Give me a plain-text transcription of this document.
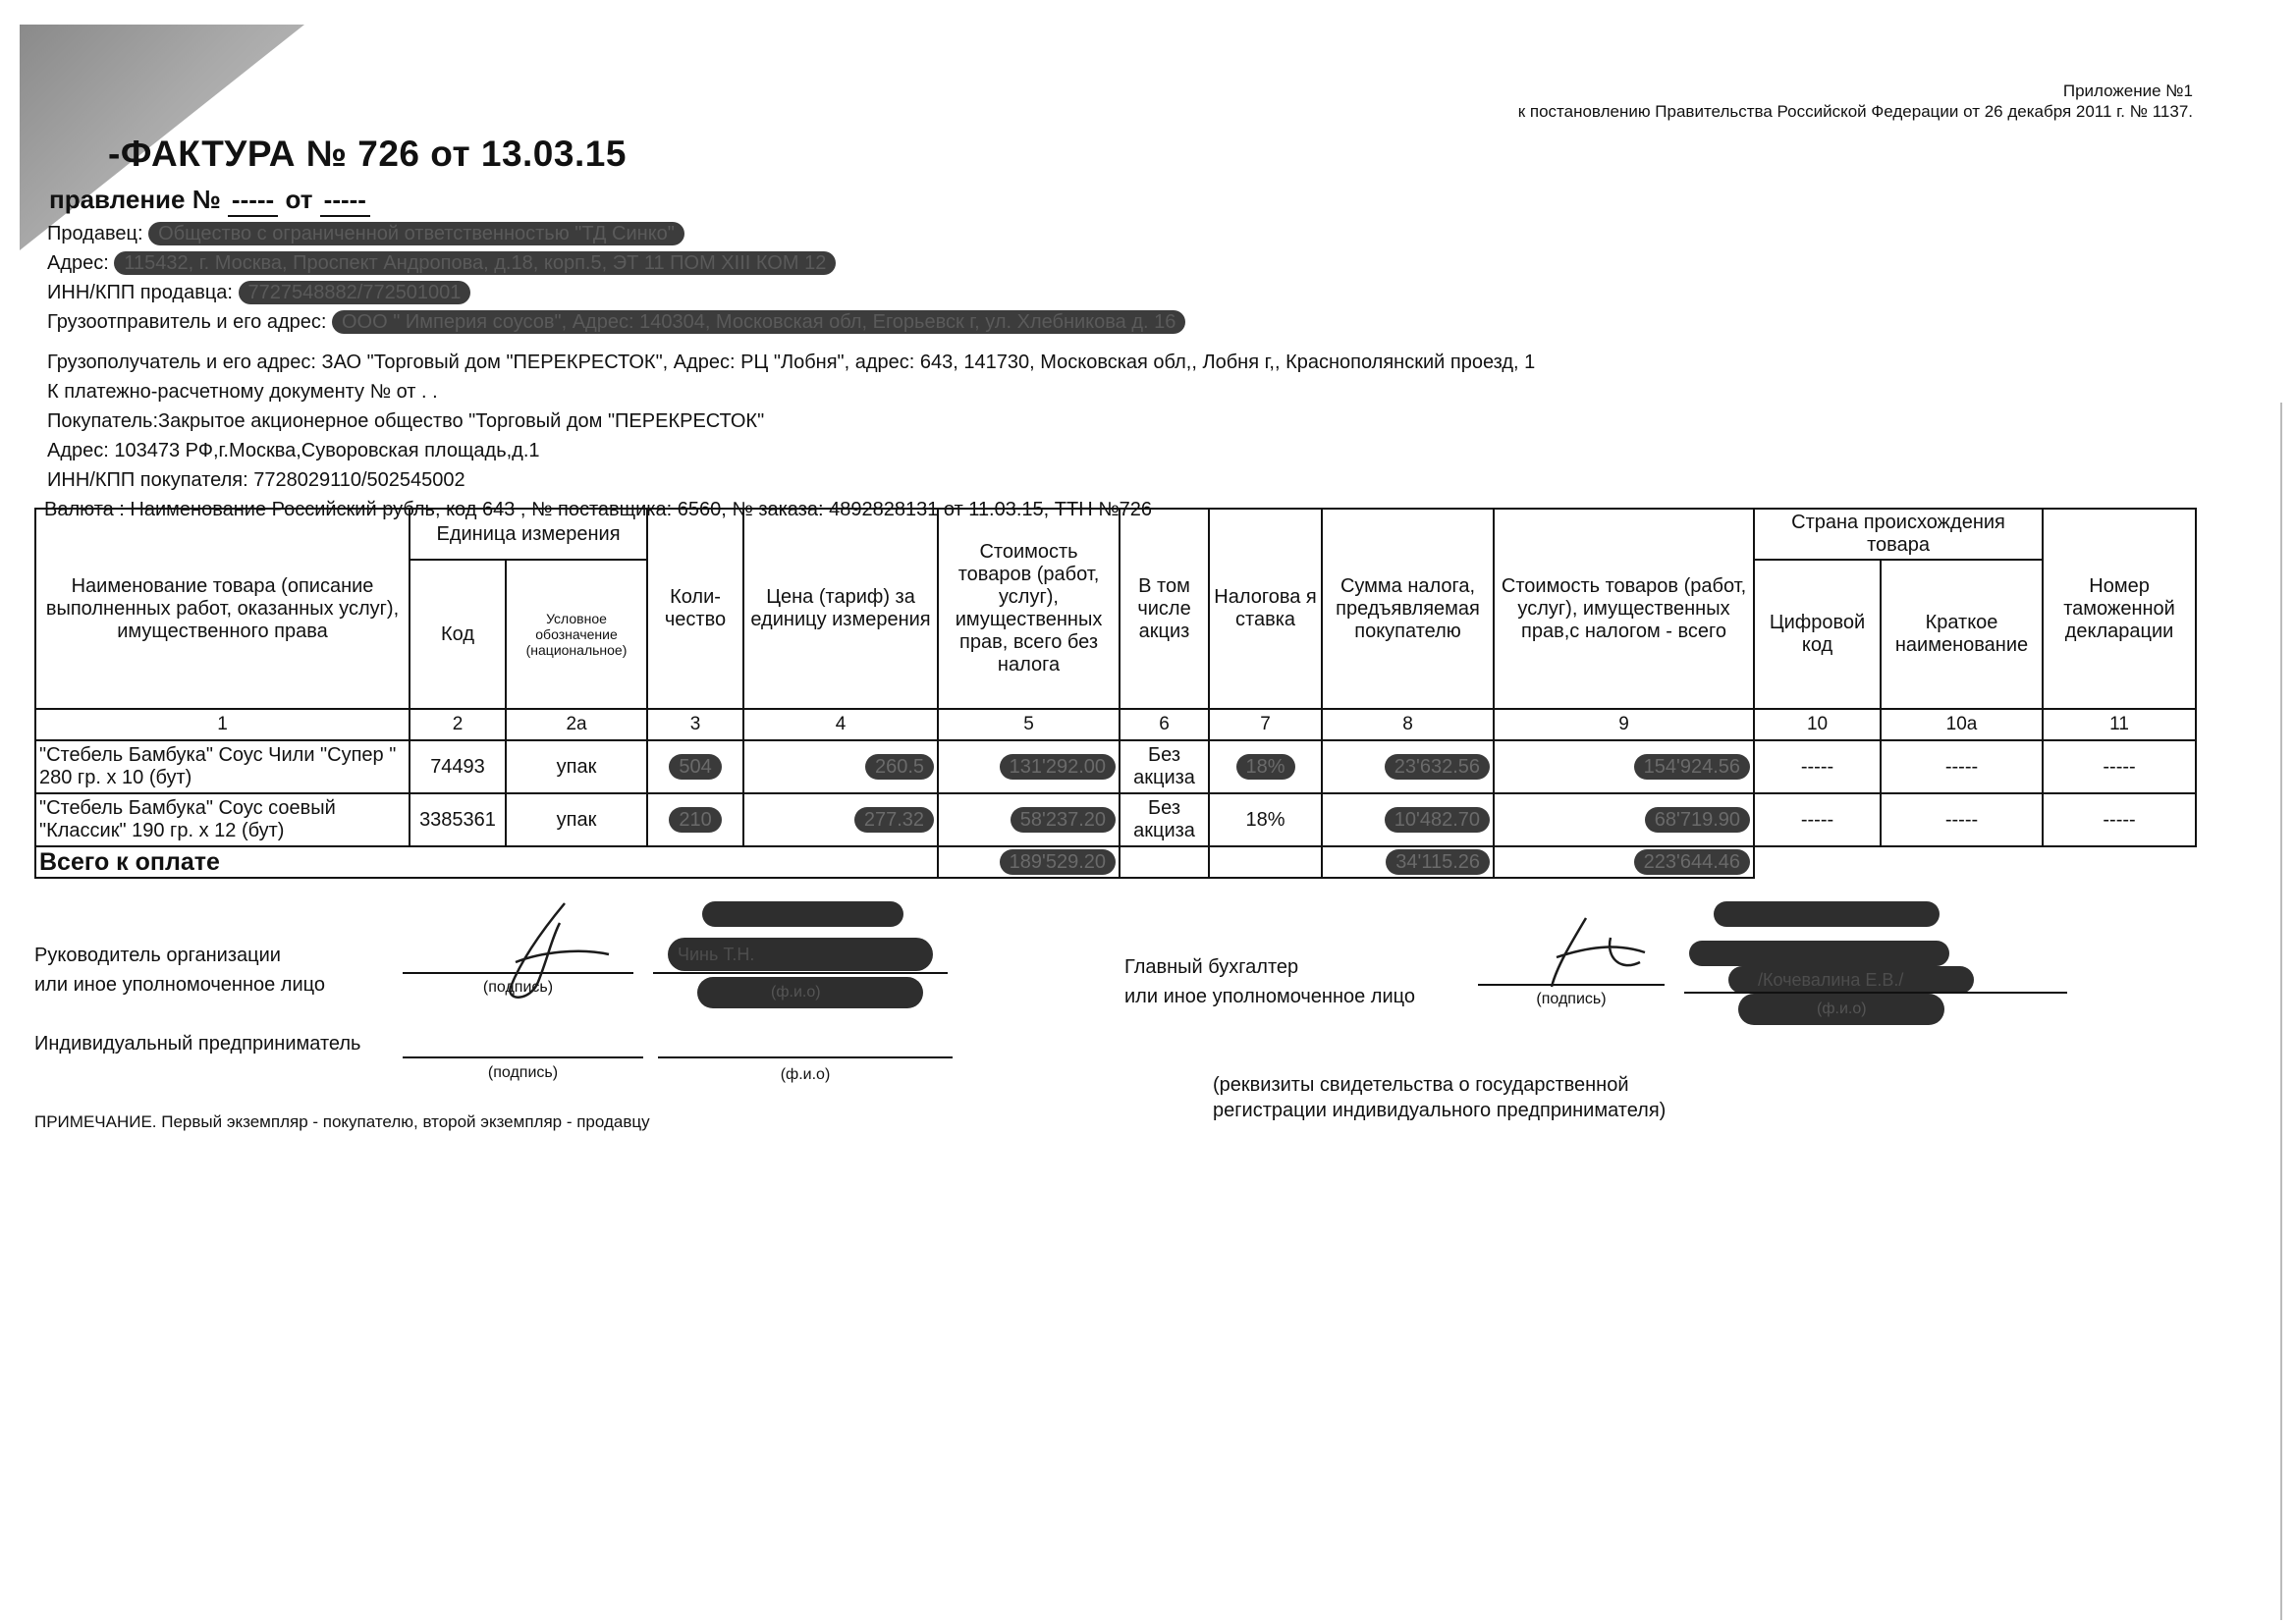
Приложение №1
к постановлению Правительства Российской Федерации от 26 декабря 2011 г. № 1137.
-ФАКТУРА № 726 от 13.03.15
правление № ----- от -----
Продавец: Общество с ограниченной ответственностью "ТД Синко"
Адрес: 115432, г. Москва, Проспект Андропова, д.18, корп.5, ЭТ 11 ПОМ XIII КОМ 12
ИНН/КПП продавца: 7727548882/772501001
Грузоотправитель и его адрес: ООО " Империя соусов", Адрес: 140304, Московская обл, Егорьевск г, ул. Хлебникова д. 16
Грузополучатель и его адрес: ЗАО "Торговый дом "ПЕРЕКРЕСТОК", Адрес: РЦ "Лобня", адрес: 643, 141730, Московская обл,, Лобня г,, Краснополянский проезд, 1
К платежно-расчетному документу № от . .
Покупатель:Закрытое акционерное общество "Торговый дом "ПЕРЕКРЕСТОК"
Адрес: 103473 РФ,г.Москва,Суворовская площадь,д.1
ИНН/КПП покупателя: 7728029110/502545002
Валюта : Наименование Российский рубль, код 643 , № поставщика: 6560, № заказа: 4892828131 от 11.03.15, ТТН №726
Наименование товара (описание выполненных работ, оказанных услуг), имущественного права	Единица измерения		Коли-чество	Цена (тариф) за единицу измерения	Стоимость товаров (работ, услуг), имущественных прав, всего без налога	В том числе акциз	Налогова я ставка	Сумма налога, предъявляемая покупателю	Стоимость товаров (работ, услуг), имущественных прав,с налогом - всего	Страна происхождения товара		Номер таможенной декларации
	Код	Условное обозначение (национальное)								Цифровой код	Краткое наименование	
1	2	2а	3	4	5	6	7	8	9	10	10а	11
"Стебель Бамбука" Соус Чили "Супер " 280 гр. х 10 (бут)	74493	упак	504	260.5	131'292.00	Без акциза	18%	23'632.56	154'924.56	-----	-----	-----
"Стебель Бамбука" Соус соевый "Классик" 190 гр. х 12 (бут)	3385361	упак	210	277.32	58'237.20	Без акциза	18%	10'482.70	68'719.90	-----	-----	-----
Всего к оплате					189'529.20			34'115.26	223'644.46			
Руководитель организации
или иное уполномоченное лицо	(подпись)
Чинь Т.Н.
(ф.и.о)
Главный бухгалтер
или иное уполномоченное лицо	(подпись)
/Кочевалина Е.В./
(ф.и.о)
Индивидуальный предприниматель
(подпись)	(ф.и.о)	(реквизиты свидетельства о государственной регистрации индивидуального предпринимателя)
ПРИМЕЧАНИЕ. Первый экземпляр - покупателю, второй экземпляр - продавцу
